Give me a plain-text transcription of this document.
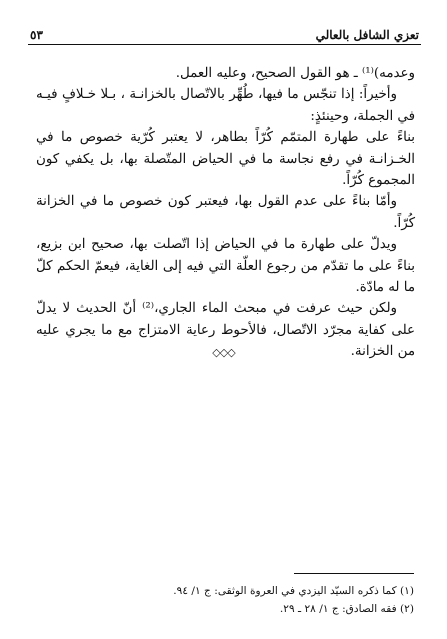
تعزي الشافل بالعالي
٥٣

وعدمه)⁽¹⁾ ـ هو القول الصحيح، وعليه العمل.

وأخيراً: إذا تنجّس ما فيها، طُهِّر بالاتّصال بالخزانـة ، بـلا خـلافٍ فيـه في الجملة، وحينئذٍ:

بناءً على طهارة المتمّم كُرّاً بطاهر، لا يعتبر كُرّية خصوص ما في الخـزانـة في رفع نجاسة ما في الحياض المتّصلة بها، بل يكفي كون المجموع كُرّاً.

وأمّا بناءً على عدم القول بها، فيعتبر كون خصوص ما في الخزانة كُرّاً.

ويدلّ على طهارة ما في الحياض إذا اتّصلت بها، صحيح ابن بزيع، بناءً على ما تقدّم من رجوع العلّة التي فيه إلى الغاية، فيعمّ الحكم كلّ ما له مادّة.

ولكن حيث عرفت في مبحث الماء الجاري،⁽²⁾ أنّ الحديث لا يدلّ على كفاية مجرّد الاتّصال، فالأحوط رعاية الامتزاج مع ما يجري عليه من الخزانة.

◇◇◇
(١) كما ذكره السيّد اليزدي في العروة الوثقى: ج ١/ ٩٤.
(٢) فقه الصادق: ج ١/ ٢٨ ـ ٢٩.
